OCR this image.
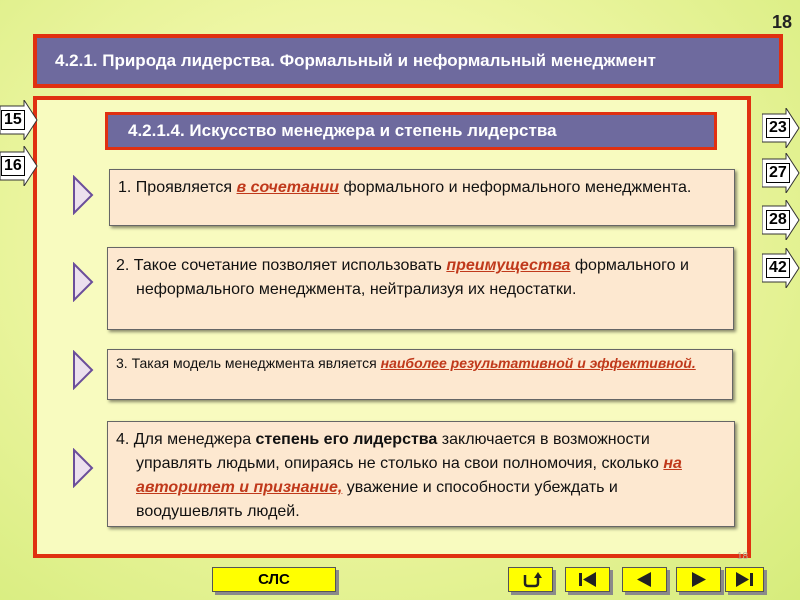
18
4.2.1. Природа лидерства. Формальный и неформальный менеджмент
4.2.1.4. Искусство менеджера и степень лидерства
15
16
23
27
28
42
1. Проявляется в сочетании формального и неформального менеджмента.
2. Такое сочетание позволяет использовать преимущества формального и неформального менеджмента, нейтрализуя их недостатки.
3. Такая модель менеджмента является наиболее результативной и эффективной.
4. Для менеджера степень его лидерства заключается в возможности управлять людьми, опираясь не столько на свои полномочия, сколько на авторитет и признание, уважение и способности убеждать и воодушевлять людей.
СЛС
18
